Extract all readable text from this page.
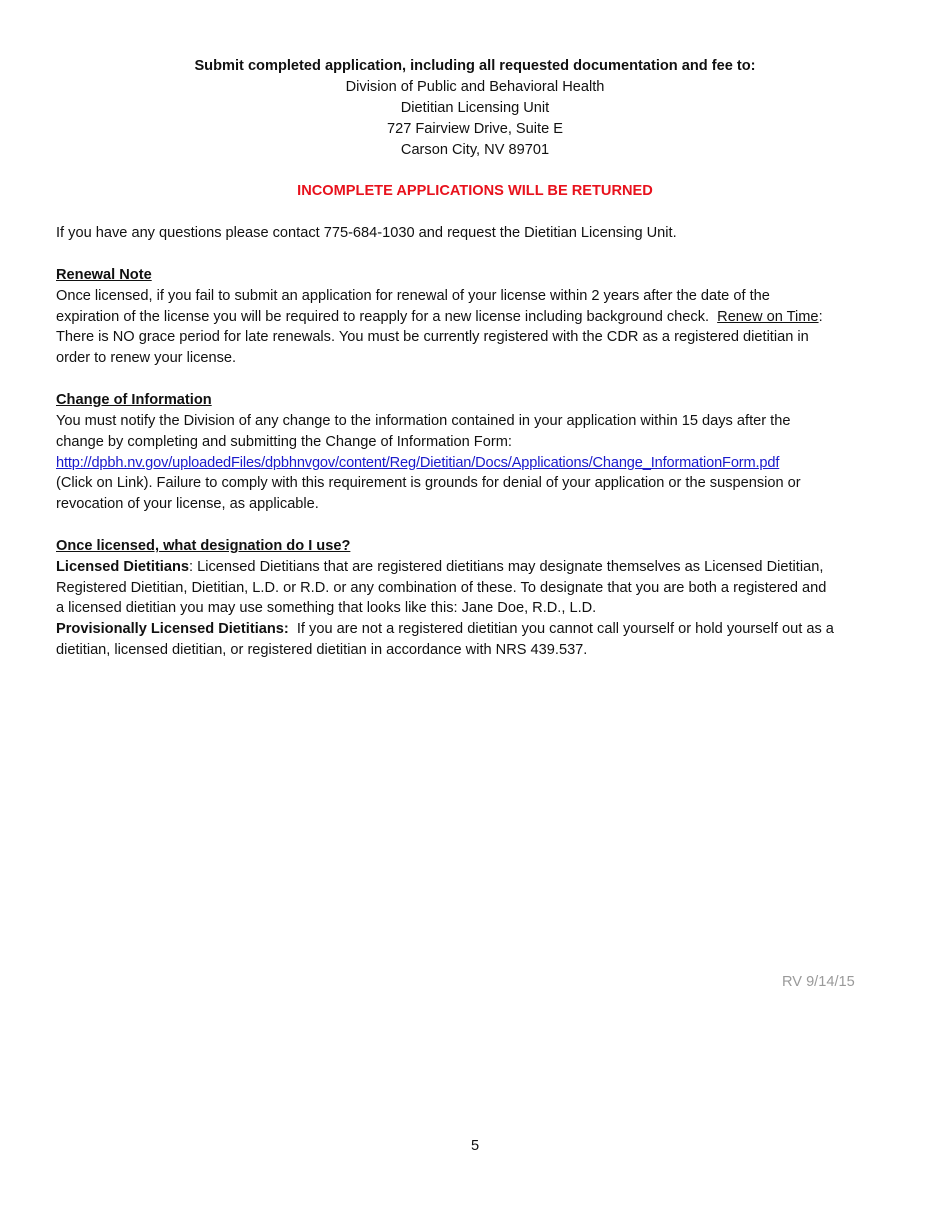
Submit completed application, including all requested documentation and fee to:
Division of Public and Behavioral Health
Dietitian Licensing Unit
727 Fairview Drive, Suite E
Carson City, NV 89701
INCOMPLETE APPLICATIONS WILL BE RETURNED
If you have any questions please contact 775-684-1030 and request the Dietitian Licensing Unit.
Renewal Note
Once licensed, if you fail to submit an application for renewal of your license within 2 years after the date of the
expiration of the license you will be required to reapply for a new license including background check.  Renew on Time:
There is NO grace period for late renewals. You must be currently registered with the CDR as a registered dietitian in
order to renew your license.
Change of Information
You must notify the Division of any change to the information contained in your application within 15 days after the
change by completing and submitting the Change of Information Form:
http://dpbh.nv.gov/uploadedFiles/dpbhnvgov/content/Reg/Dietitian/Docs/Applications/Change_InformationForm.pdf
(Click on Link). Failure to comply with this requirement is grounds for denial of your application or the suspension or
revocation of your license, as applicable.
Once licensed, what designation do I use?
Licensed Dietitians: Licensed Dietitians that are registered dietitians may designate themselves as Licensed Dietitian,
Registered Dietitian, Dietitian, L.D. or R.D. or any combination of these. To designate that you are both a registered and
a licensed dietitian you may use something that looks like this: Jane Doe, R.D., L.D.
Provisionally Licensed Dietitians:  If you are not a registered dietitian you cannot call yourself or hold yourself out as a
dietitian, licensed dietitian, or registered dietitian in accordance with NRS 439.537.
RV 9/14/15
5
